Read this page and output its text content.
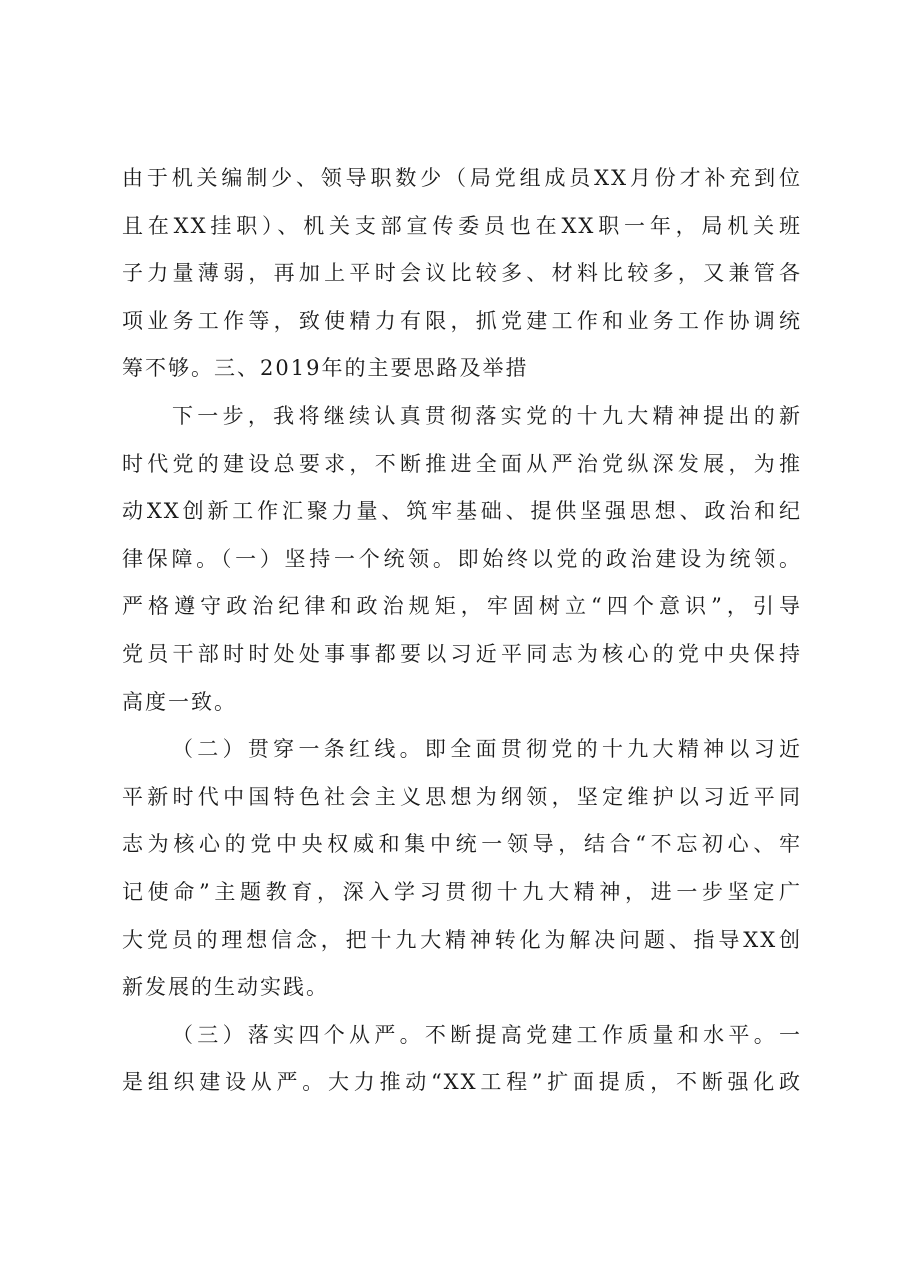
由于机关编制少、领导职数少（局党组成员XX月份才补充到位
且在XX挂职）、机关支部宣传委员也在XX职一年，局机关班
子力量薄弱，再加上平时会议比较多、材料比较多，又兼管各
项业务工作等，致使精力有限，抓党建工作和业务工作协调统
筹不够。三、2019年的主要思路及举措
下一步，我将继续认真贯彻落实党的十九大精神提出的新
时代党的建设总要求，不断推进全面从严治党纵深发展，为推
动XX创新工作汇聚力量、筑牢基础、提供坚强思想、政治和纪
律保障。（一）坚持一个统领。即始终以党的政治建设为统领。
严格遵守政治纪律和政治规矩，牢固树立“四个意识”，引导
党员干部时时处处事事都要以习近平同志为核心的党中央保持
高度一致。
（二）贯穿一条红线。即全面贯彻党的十九大精神以习近
平新时代中国特色社会主义思想为纲领，坚定维护以习近平同
志为核心的党中央权威和集中统一领导，结合“不忘初心、牢
记使命”主题教育，深入学习贯彻十九大精神，进一步坚定广
大党员的理想信念，把十九大精神转化为解决问题、指导XX创
新发展的生动实践。
（三）落实四个从严。不断提高党建工作质量和水平。一
是组织建设从严。大力推动“XX工程”扩面提质，不断强化政
